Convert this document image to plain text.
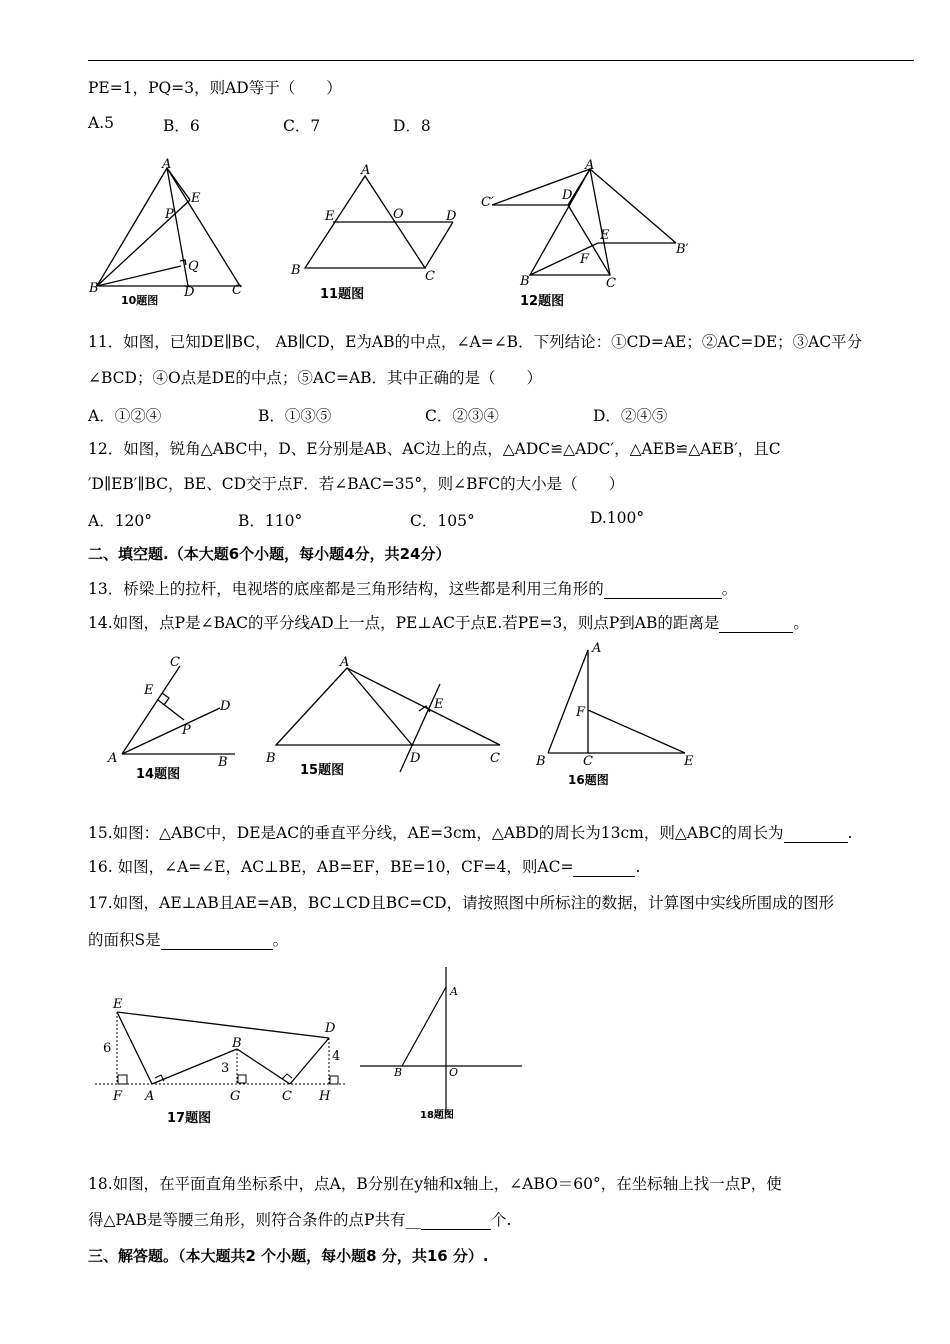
PE=1，PQ=3，则AD等于（　　）
A.5	B．6	C．7	D．8
A
E
P
Q
B	D	C
10题图
A
E	O	D
B	C
11题图
A
C′	D
E
B′
F
B	C
12题图
11．如图，已知DE∥BC， AB∥CD，E为AB的中点，∠A=∠B．下列结论：①CD=AE；②AC=DE；③AC平分
∠BCD；④O点是DE的中点；⑤AC=AB．其中正确的是（　　）
A．①②④	B．①③⑤	C．②③④	D．②④⑤
12．如图，锐角△ABC中，D、E分别是AB、AC边上的点，△ADC≌△ADC′，△AEB≌△AEB′，且C
′D∥EB′∥BC，BE、CD交于点F．若∠BAC=35°，则∠BFC的大小是（　　）
A．120°	B．110°	C．105°	D.100°
二、填空题.（本大题6个小题，每小题4分，共24分）
13．桥梁上的拉杆，电视塔的底座都是三角形结构，这些都是利用三角形的	。
14.如图，点P是∠BAC的平分线AD上一点，PE⊥AC于点E.若PE=3，则点P到AB的距离是	。
C
E
D
P
A	B
14题图
A
E
B	D	C
15题图
A
F
B	C	E
16题图
15.如图：△ABC中，DE是AC的垂直平分线，AE=3cm，△ABD的周长为13cm，则△ABC的周长为	.
16. 如图，∠A=∠E，AC⊥BE，AB=EF，BE=10，CF=4，则AC=	.
17.如图，AE⊥AB且AE=AB，BC⊥CD且BC=CD，请按照图中所标注的数据，计算图中实线所围成的图形
的面积S是	。
E
D
B
6
3
4
F A	G	C H
17题图
A
B	O
18题图
18.如图，在平面直角坐标系中，点A，B分别在y轴和x轴上，∠ABO＝60°，在坐标轴上找一点P，使
得△PAB是等腰三角形，则符合条件的点P共有__	个.
三、解答题。（本大题共2 个小题，每小题8 分，共16 分）.
